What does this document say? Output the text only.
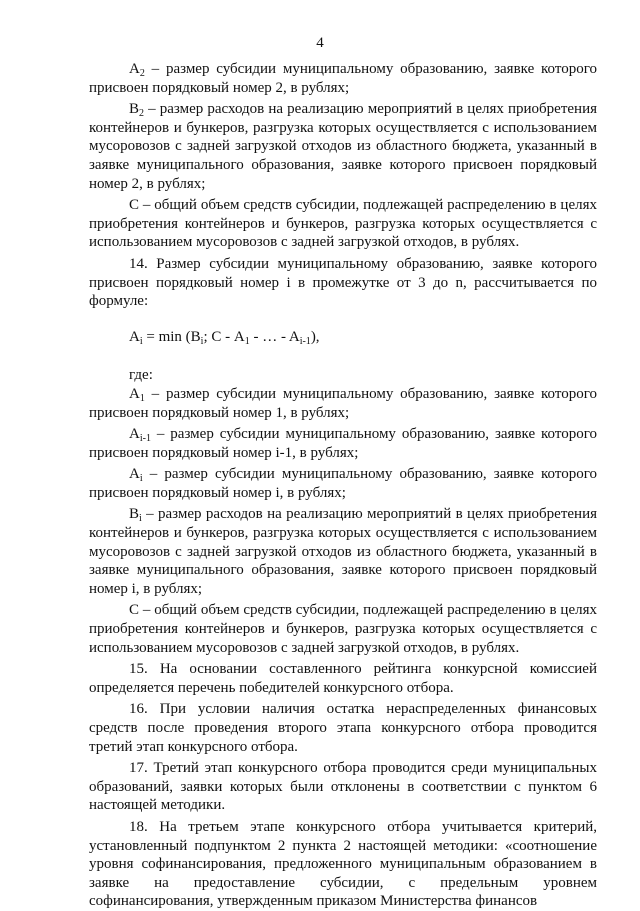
4

$A_2$ – размер субсидии муниципальному образованию, заявке которого присвоен порядковый номер 2, в рублях;

$B_2$ – размер расходов на реализацию мероприятий в целях приобретения контейнеров и бункеров, разгрузка которых осуществляется с использованием мусоровозов с задней загрузкой отходов из областного бюджета, указанный в заявке муниципального образования, заявке которого присвоен порядковый номер 2, в рублях;

С – общий объем средств субсидии, подлежащей распределению в целях приобретения контейнеров и бункеров, разгрузка которых осуществляется с использованием мусоровозов с задней загрузкой отходов, в рублях.

14. Размер субсидии муниципальному образованию, заявке которого присвоен порядковый номер i в промежутке от 3 до n, рассчитывается по формуле:

$A_i = \min (B_i$; С - $A_1$ - … - $A_{i-1}$),

где:

$A_1$ – размер субсидии муниципальному образованию, заявке которого присвоен порядковый номер 1, в рублях;

$A_{i-1}$ – размер субсидии муниципальному образованию, заявке которого присвоен порядковый номер i-1, в рублях;

$A_i$ – размер субсидии муниципальному образованию, заявке которого присвоен порядковый номер i, в рублях;

$B_i$ – размер расходов на реализацию мероприятий в целях приобретения контейнеров и бункеров, разгрузка которых осуществляется с использованием мусоровозов с задней загрузкой отходов из областного бюджета, указанный в заявке муниципального образования, заявке которого присвоен порядковый номер i, в рублях;

С – общий объем средств субсидии, подлежащей распределению в целях приобретения контейнеров и бункеров, разгрузка которых осуществляется с использованием мусоровозов с задней загрузкой отходов, в рублях.

15. На основании составленного рейтинга конкурсной комиссией определяется перечень победителей конкурсного отбора.

16. При условии наличия остатка нераспределенных финансовых средств после проведения второго этапа конкурсного отбора проводится третий этап конкурсного отбора.

17. Третий этап конкурсного отбора проводится среди муниципальных образований, заявки которых были отклонены в соответствии с пунктом 6 настоящей методики.

18. На третьем этапе конкурсного отбора учитывается критерий, установленный подпунктом 2 пункта 2 настоящей методики: «соотношение уровня софинансирования, предложенного муниципальным образованием в заявке на предоставление субсидии, с предельным уровнем софинансирования, утвержденным приказом Министерства финансов
